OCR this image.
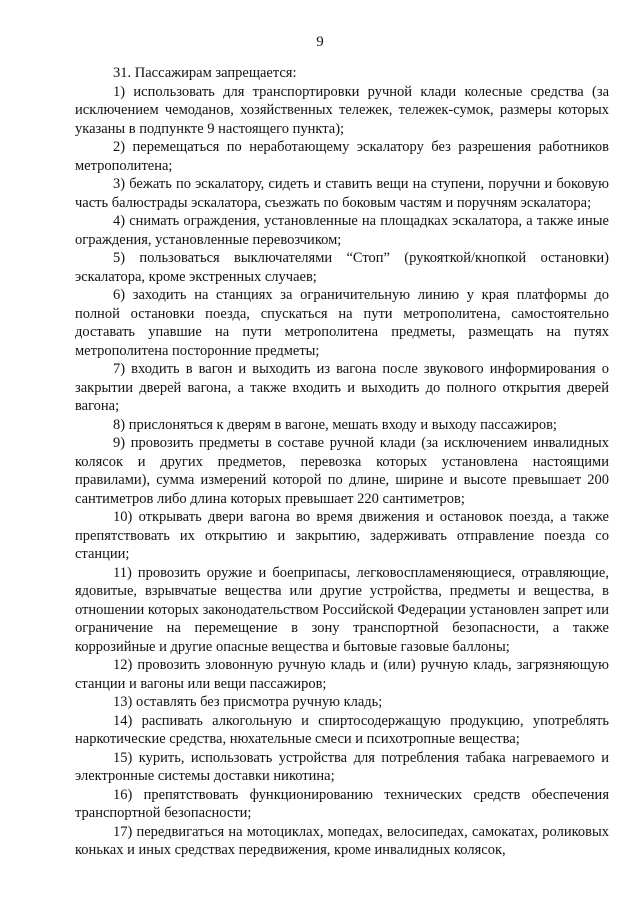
9

31. Пассажирам запрещается:

1) использовать для транспортировки ручной клади колесные средства (за исключением чемоданов, хозяйственных тележек, тележек-сумок, размеры которых указаны в подпункте 9 настоящего пункта);

2) перемещаться по неработающему эскалатору без разрешения работников метрополитена;

3) бежать по эскалатору, сидеть и ставить вещи на ступени, поручни и боковую часть балюстрады эскалатора, съезжать по боковым частям и поручням эскалатора;

4) снимать ограждения, установленные на площадках эскалатора, а также иные ограждения, установленные перевозчиком;

5) пользоваться выключателями “Стоп” (рукояткой/кнопкой остановки) эскалатора, кроме экстренных случаев;

6) заходить на станциях за ограничительную линию у края платформы до полной остановки поезда, спускаться на пути метрополитена, самостоятельно доставать упавшие на пути метрополитена предметы, размещать на путях метрополитена посторонние предметы;

7) входить в вагон и выходить из вагона после звукового информирования о закрытии дверей вагона, а также входить и выходить до полного открытия дверей вагона;

8) прислоняться к дверям в вагоне, мешать входу и выходу пассажиров;

9) провозить предметы в составе ручной клади (за исключением инвалидных колясок и других предметов, перевозка которых установлена настоящими правилами), сумма измерений которой по длине, ширине и высоте превышает 200 сантиметров либо длина которых превышает 220 сантиметров;

10) открывать двери вагона во время движения и остановок поезда, а также препятствовать их открытию и закрытию, задерживать отправление поезда со станции;

11) провозить оружие и боеприпасы, легковоспламеняющиеся, отравляющие, ядовитые, взрывчатые вещества или другие устройства, предметы и вещества, в отношении которых законодательством Российской Федерации установлен запрет или ограничение на перемещение в зону транспортной безопасности, а также коррозийные и другие опасные вещества и бытовые газовые баллоны;

12) провозить зловонную ручную кладь и (или) ручную кладь, загрязняющую станции и вагоны или вещи пассажиров;

13) оставлять без присмотра ручную кладь;

14) распивать алкогольную и спиртосодержащую продукцию, употреблять наркотические средства, нюхательные смеси и психотропные вещества;

15) курить, использовать устройства для потребления табака нагреваемого и электронные системы доставки никотина;

16) препятствовать функционированию технических средств обеспечения транспортной безопасности;

17) передвигаться на мотоциклах, мопедах, велосипедах, самокатах, роликовых коньках и иных средствах передвижения, кроме инвалидных колясок,
